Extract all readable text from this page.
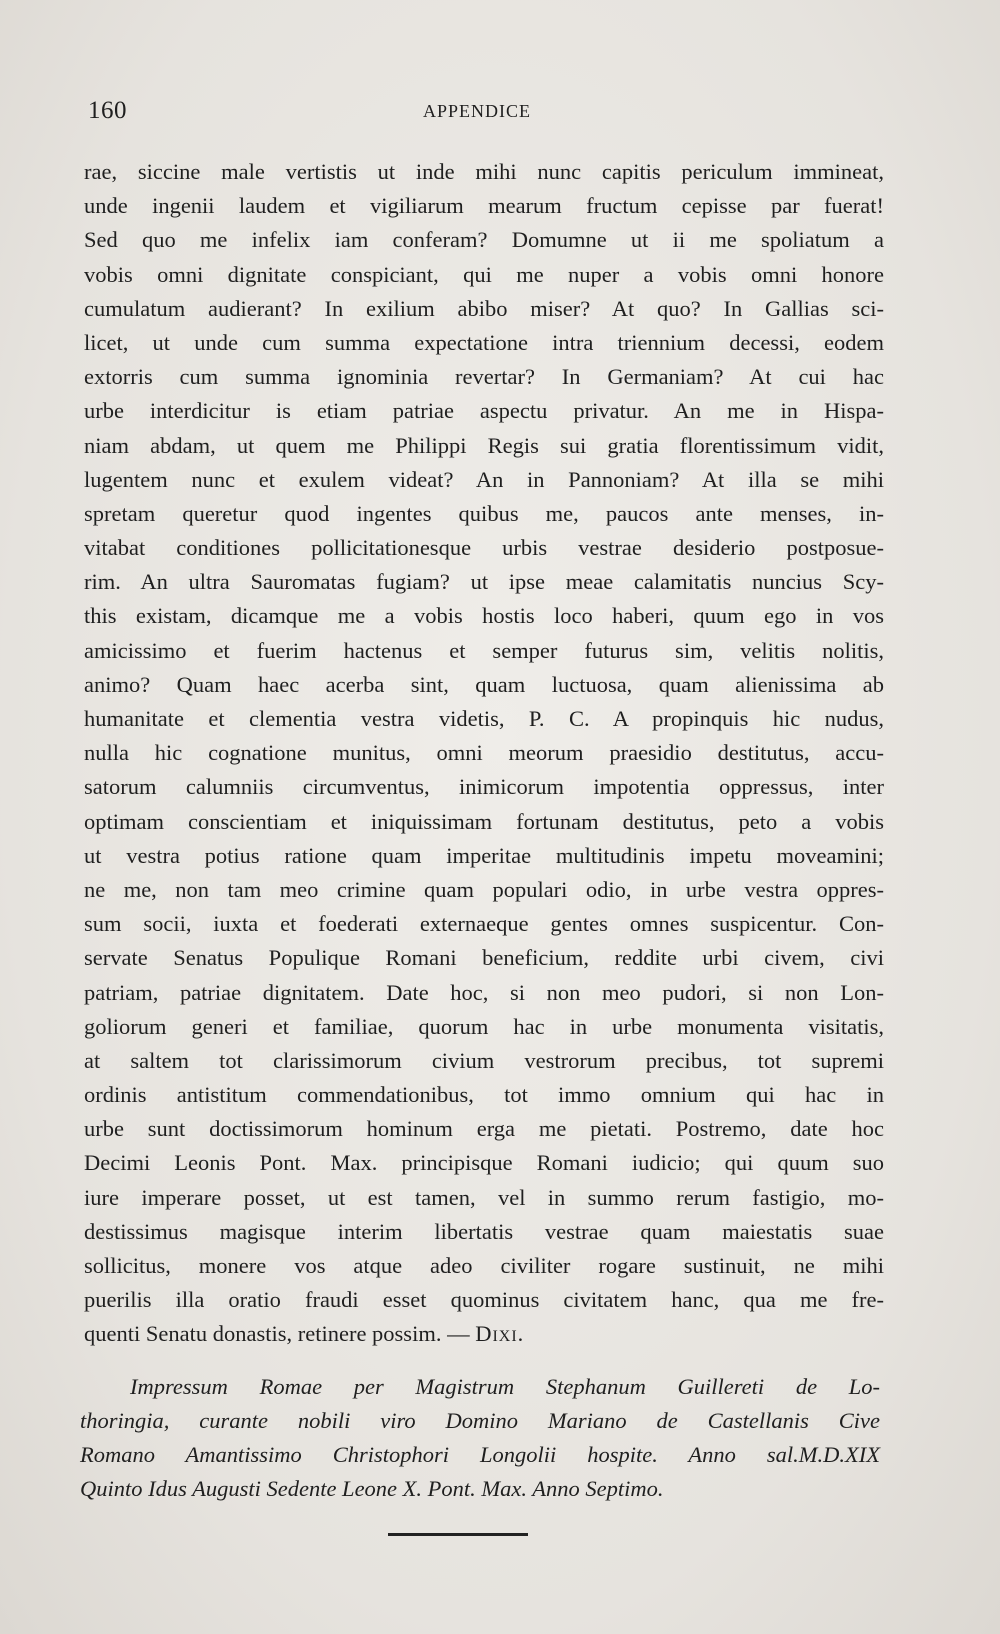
160	APPENDICE
rae, siccine male vertistis ut inde mihi nunc capitis periculum immineat,
unde ingenii laudem et vigiliarum mearum fructum cepisse par fuerat!
Sed quo me infelix iam conferam? Domumne ut ii me spoliatum a
vobis omni dignitate conspiciant, qui me nuper a vobis omni honore
cumulatum audierant? In exilium abibo miser? At quo? In Gallias sci-
licet, ut unde cum summa expectatione intra triennium decessi, eodem
extorris cum summa ignominia revertar? In Germaniam? At cui hac
urbe interdicitur is etiam patriae aspectu privatur. An me in Hispa-
niam abdam, ut quem me Philippi Regis sui gratia florentissimum vidit,
lugentem nunc et exulem videat? An in Pannoniam? At illa se mihi
spretam queretur quod ingentes quibus me, paucos ante menses, in-
vitabat conditiones pollicitationesque urbis vestrae desiderio postposue-
rim. An ultra Sauromatas fugiam? ut ipse meae calamitatis nuncius Scy-
this existam, dicamque me a vobis hostis loco haberi, quum ego in vos
amicissimo et fuerim hactenus et semper futurus sim, velitis nolitis,
animo? Quam haec acerba sint, quam luctuosa, quam alienissima ab
humanitate et clementia vestra videtis, P. C. A propinquis hic nudus,
nulla hic cognatione munitus, omni meorum praesidio destitutus, accu-
satorum calumniis circumventus, inimicorum impotentia oppressus, inter
optimam conscientiam et iniquissimam fortunam destitutus, peto a vobis
ut vestra potius ratione quam imperitae multitudinis impetu moveamini;
ne me, non tam meo crimine quam populari odio, in urbe vestra oppres-
sum socii, iuxta et foederati externaeque gentes omnes suspicentur. Con-
servate Senatus Populique Romani beneficium, reddite urbi civem, civi
patriam, patriae dignitatem. Date hoc, si non meo pudori, si non Lon-
goliorum generi et familiae, quorum hac in urbe monumenta visitatis,
at saltem tot clarissimorum civium vestrorum precibus, tot supremi
ordinis antistitum commendationibus, tot immo omnium qui hac in
urbe sunt doctissimorum hominum erga me pietati. Postremo, date hoc
Decimi Leonis Pont. Max. principisque Romani iudicio; qui quum suo
iure imperare posset, ut est tamen, vel in summo rerum fastigio, mo-
destissimus magisque interim libertatis vestrae quam maiestatis suae
sollicitus, monere vos atque adeo civiliter rogare sustinuit, ne mihi
puerilis illa oratio fraudi esset quominus civitatem hanc, qua me fre-
quenti Senatu donastis, retinere possim. — Dixi.
Impressum Romae per Magistrum Stephanum Guillereti de Lo-
thoringia, curante nobili viro Domino Mariano de Castellanis Cive
Romano Amantissimo Christophori Longolii hospite. Anno sal.M.D.XIX
Quinto Idus Augusti Sedente Leone X. Pont. Max. Anno Septimo.
